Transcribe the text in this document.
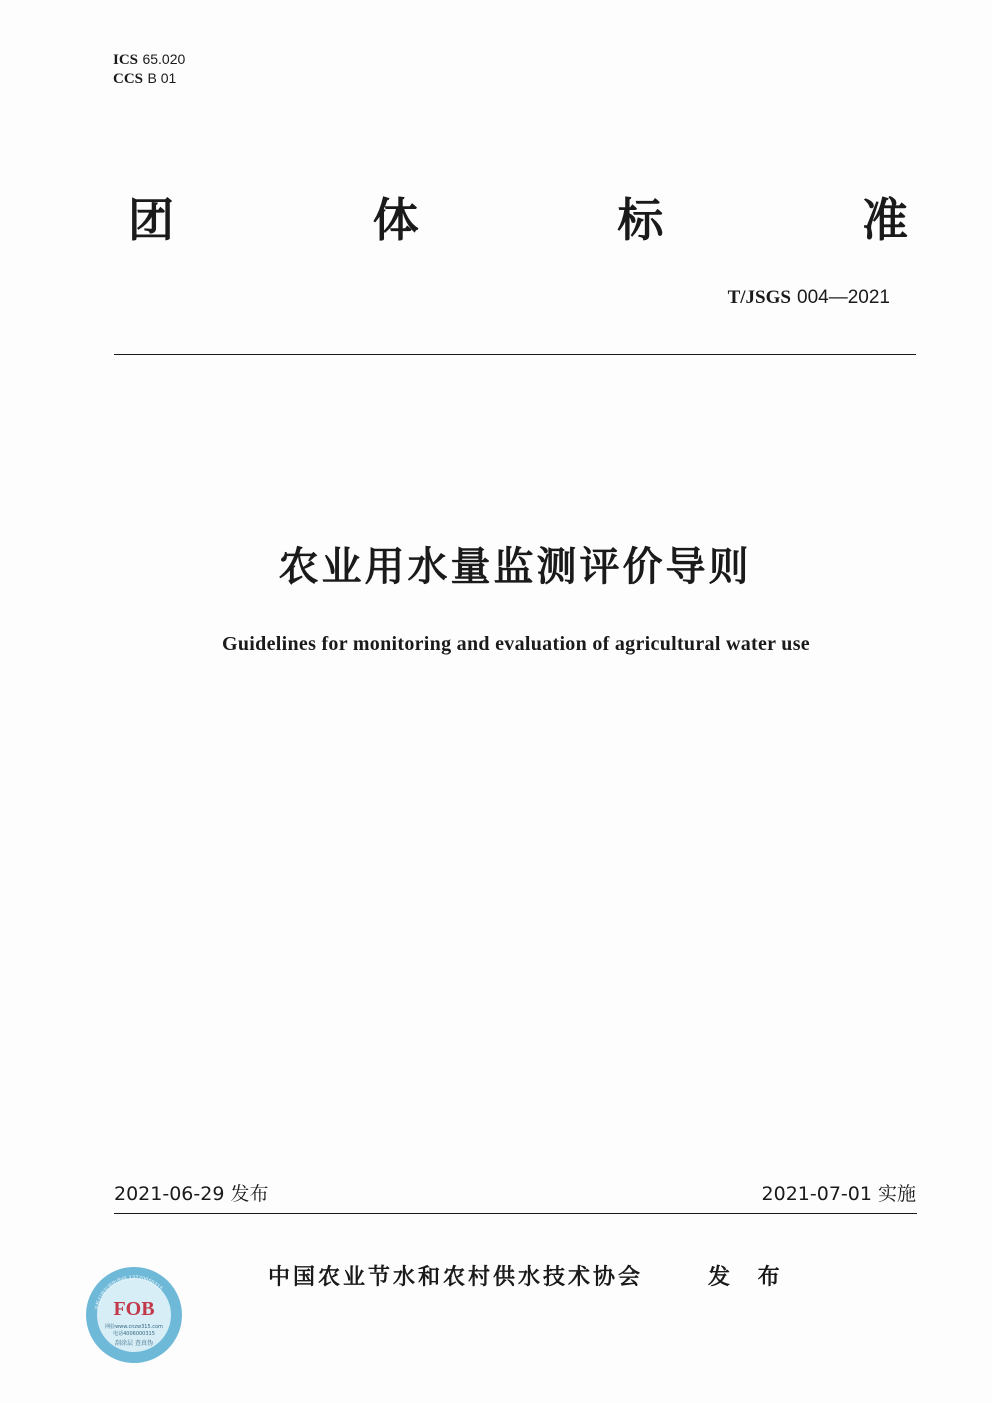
ICS 65.020
CCS B 01
团	体	标	准
T/JSGS 004—2021
农业用水量监测评价导则
Guidelines for monitoring and evaluation of agricultural water use
2021-06-29 发布	2021-07-01 实施
中国农业节水和农村供水技术协会	发 布
手机扫描识别防伪码 13720000315
FOB
网验www.cnzw315.com
电话4006000315
刮涂层 查真伪
